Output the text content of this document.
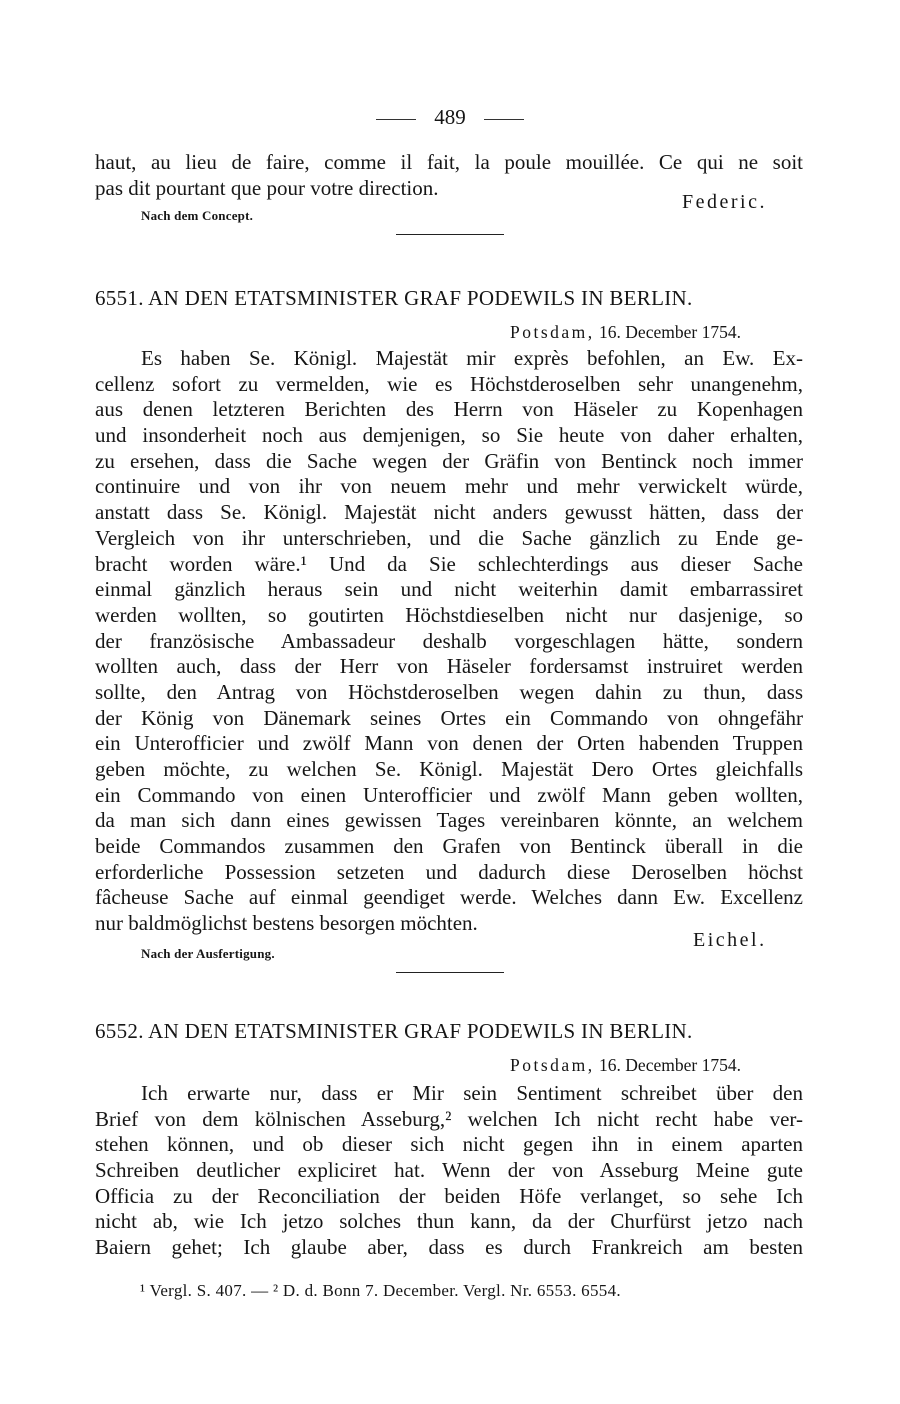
489
haut, au lieu de faire, comme il fait, la poule mouillée. Ce qui ne soit
pas dit pourtant que pour votre direction.
Federic.
Nach dem Concept.
6551. AN DEN ETATSMINISTER GRAF PODEWILS IN BERLIN.
Potsdam, 16. December 1754.
Es haben Se. Königl. Majestät mir exprès befohlen, an Ew. Ex-
cellenz sofort zu vermelden, wie es Höchstderoselben sehr unangenehm,
aus denen letzteren Berichten des Herrn von Häseler zu Kopenhagen
und insonderheit noch aus demjenigen, so Sie heute von daher erhalten,
zu ersehen, dass die Sache wegen der Gräfin von Bentinck noch immer
continuire und von ihr von neuem mehr und mehr verwickelt würde,
anstatt dass Se. Königl. Majestät nicht anders gewusst hätten, dass der
Vergleich von ihr unterschrieben, und die Sache gänzlich zu Ende ge-
bracht worden wäre.¹ Und da Sie schlechterdings aus dieser Sache
einmal gänzlich heraus sein und nicht weiterhin damit embarrassiret
werden wollten, so goutirten Höchstdieselben nicht nur dasjenige, so
der französische Ambassadeur deshalb vorgeschlagen hätte, sondern
wollten auch, dass der Herr von Häseler fordersamst instruiret werden
sollte, den Antrag von Höchstderoselben wegen dahin zu thun, dass
der König von Dänemark seines Ortes ein Commando von ohngefähr
ein Unterofficier und zwölf Mann von denen der Orten habenden Truppen
geben möchte, zu welchen Se. Königl. Majestät Dero Ortes gleichfalls
ein Commando von einen Unterofficier und zwölf Mann geben wollten,
da man sich dann eines gewissen Tages vereinbaren könnte, an welchem
beide Commandos zusammen den Grafen von Bentinck überall in die
erforderliche Possession setzeten und dadurch diese Deroselben höchst
fâcheuse Sache auf einmal geendiget werde. Welches dann Ew. Excellenz
nur baldmöglichst bestens besorgen möchten.
Eichel.
Nach der Ausfertigung.
6552. AN DEN ETATSMINISTER GRAF PODEWILS IN BERLIN.
Potsdam, 16. December 1754.
Ich erwarte nur, dass er Mir sein Sentiment schreibet über den
Brief von dem kölnischen Asseburg,² welchen Ich nicht recht habe ver-
stehen können, und ob dieser sich nicht gegen ihn in einem aparten
Schreiben deutlicher expliciret hat. Wenn der von Asseburg Meine gute
Officia zu der Reconciliation der beiden Höfe verlanget, so sehe Ich
nicht ab, wie Ich jetzo solches thun kann, da der Churfürst jetzo nach
Baiern gehet; Ich glaube aber, dass es durch Frankreich am besten
¹ Vergl. S. 407. — ² D. d. Bonn 7. December. Vergl. Nr. 6553. 6554.
